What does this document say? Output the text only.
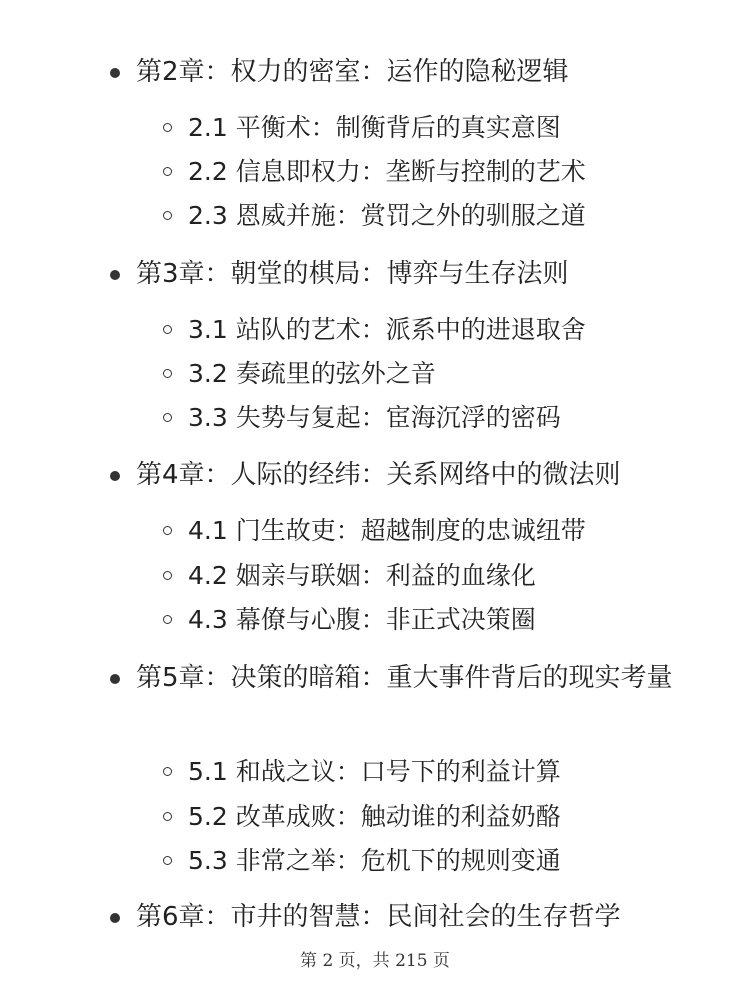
第2章：权力的密室：运作的隐秘逻辑
2.1 平衡术：制衡背后的真实意图
2.2 信息即权力：垄断与控制的艺术
2.3 恩威并施：赏罚之外的驯服之道
第3章：朝堂的棋局：博弈与生存法则
3.1 站队的艺术：派系中的进退取舍
3.2 奏疏里的弦外之音
3.3 失势与复起：宦海沉浮的密码
第4章：人际的经纬：关系网络中的微法则
4.1 门生故吏：超越制度的忠诚纽带
4.2 姻亲与联姻：利益的血缘化
4.3 幕僚与心腹：非正式决策圈
第5章：决策的暗箱：重大事件背后的现实考量
5.1 和战之议：口号下的利益计算
5.2 改革成败：触动谁的利益奶酪
5.3 非常之举：危机下的规则变通
第6章：市井的智慧：民间社会的生存哲学
第 2 页，共 215 页
